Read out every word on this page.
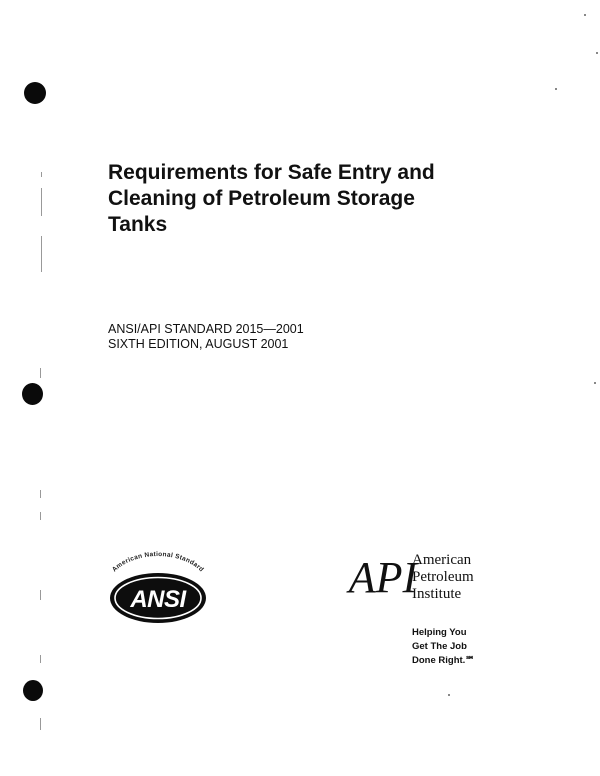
Requirements for Safe Entry and
Cleaning of Petroleum Storage
Tanks
ANSI/API STANDARD 2015—2001
SIXTH EDITION, AUGUST 2001
American National Standard
ANSI	API
American
Petroleum
Institute
Helping You
Get The Job
Done Right.℠
